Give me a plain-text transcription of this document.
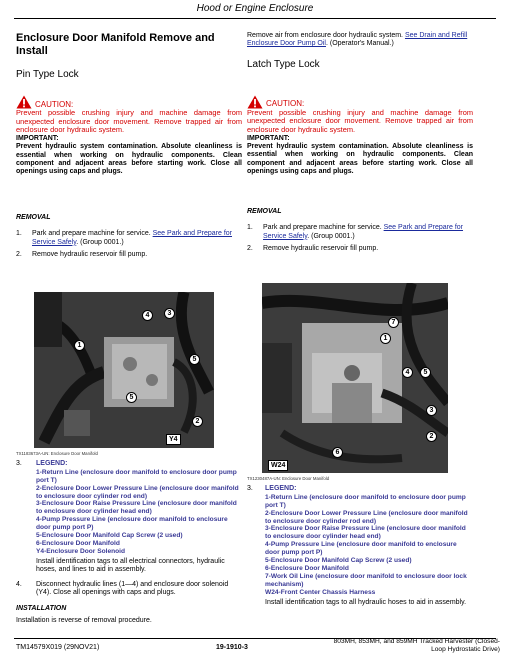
Hood or Engine Enclosure
Enclosure Door Manifold Remove and Install
Pin Type Lock
CAUTION:
Prevent possible crushing injury and machine damage from unexpected enclosure door movement. Remove trapped air from enclosure door hydraulic system.
IMPORTANT:
Prevent hydraulic system contamination. Absolute cleanliness is essential when working on hydraulic components. Clean component and adjacent areas before starting work. Close all openings using caps and plugs.
REMOVAL
1.	Park and prepare machine for service. See Park and Prepare for Service Safely. (Group 0001.)
2.	Remove hydraulic reservoir fill pump.
4	3
1
5
5
2
Y4
TX1183673A-UN: Enclosure Door Manifold
3.	LEGEND:
1-Return Line (enclosure door manifold to enclosure door pump port T)
2-Enclosure Door Lower Pressure Line (enclosure door manifold to enclosure door cylinder rod end)
3-Enclosure Door Raise Pressure Line (enclosure door manifold to enclosure door cylinder head end)
4-Pump Pressure Line (enclosure door manifold to enclosure door pump port P)
5-Enclosure Door Manifold Cap Screw (2 used)
6-Enclosure Door Manifold
Y4-Enclosure Door Solenoid
Install identification tags to all electrical connectors, hydraulic hoses, and lines to aid in assembly.
4.	Disconnect hydraulic lines (1—4) and enclosure door solenoid (Y4). Close all openings with caps and plugs.
INSTALLATION
Installation is reverse of removal procedure.
Remove air from enclosure door hydraulic system. See Drain and Refill Enclosure Door Pump Oil. (Operator's Manual.)
Latch Type Lock
CAUTION:
Prevent possible crushing injury and machine damage from unexpected enclosure door movement. Remove trapped air from enclosure door hydraulic system.
IMPORTANT:
Prevent hydraulic system contamination. Absolute cleanliness is essential when working on hydraulic components. Clean component and adjacent areas before starting work. Close all openings using caps and plugs.
REMOVAL
1.	Park and prepare machine for service. See Park and Prepare for Service Safely. (Group 0001.)
2.	Remove hydraulic reservoir fill pump.
7
1
5
4
3
2
6
W24
TX1230487A-UN: Enclosure Door Manifold
3.	LEGEND:
1-Return Line (enclosure door manifold to enclosure door pump port T)
2-Enclosure Door Lower Pressure Line (enclosure door manifold to enclosure door cylinder rod end)
3-Enclosure Door Raise Pressure Line (enclosure door manifold to enclosure door cylinder head end)
4-Pump Pressure Line (enclosure door manifold to enclosure door pump port P)
5-Enclosure Door Manifold Cap Screw (2 used)
6-Enclosure Door Manifold
7-Work Oil Line (enclosure door manifold to enclosure door lock mechanism)
W24-Front Center Chassis Harness
Install identification tags to all hydraulic hoses to aid in assembly.
TM14579X019 (29NOV21)	19-1910-3
803MH, 853MH, and 859MH Tracked Harvester (Closed-
Loop Hydrostatic Drive)
